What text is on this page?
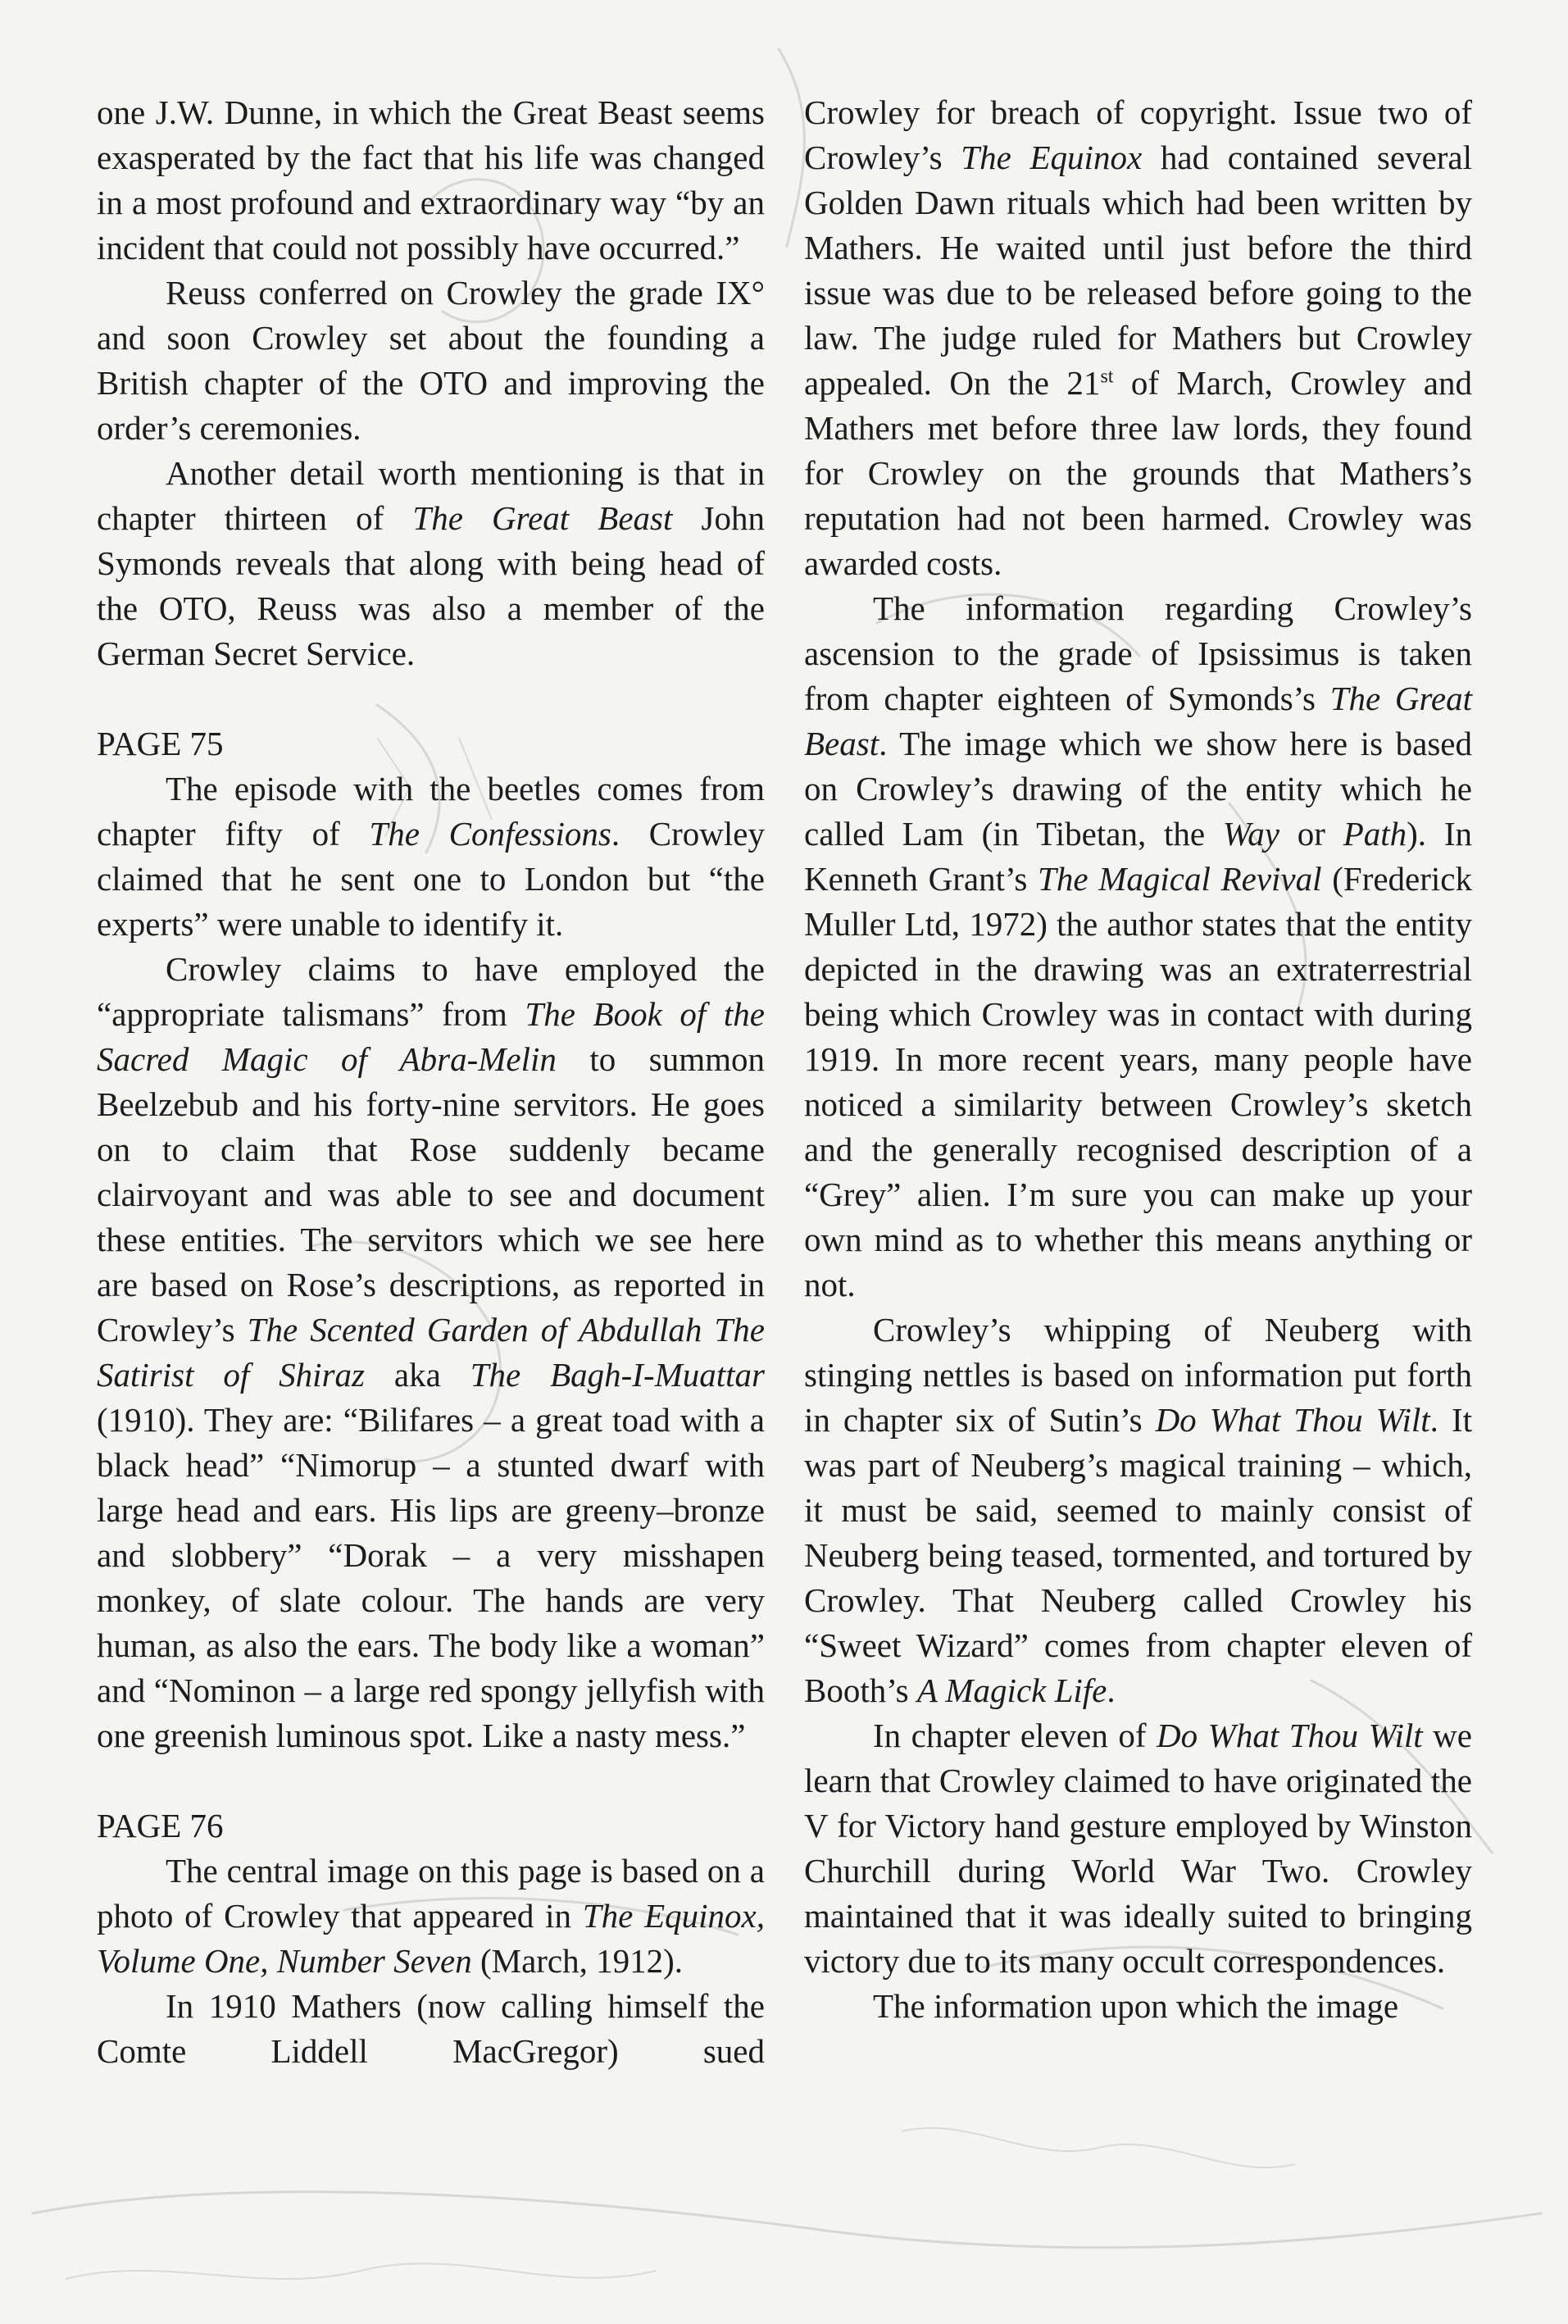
one J.W. Dunne, in which the Great Beast seems exasperated by the fact that his life was changed in a most profound and extraordinary way “by an incident that could not possibly have occurred.”

Reuss conferred on Crowley the grade IX° and soon Crowley set about the founding a British chapter of the OTO and improving the order’s ceremonies.

Another detail worth mentioning is that in chapter thirteen of The Great Beast John Symonds reveals that along with being head of the OTO, Reuss was also a member of the German Secret Service.

PAGE 75

The episode with the beetles comes from chapter fifty of The Confessions. Crowley claimed that he sent one to London but “the experts” were unable to identify it.

Crowley claims to have employed the “appropriate talismans” from The Book of the Sacred Magic of Abra-Melin to summon Beelzebub and his forty-nine servitors. He goes on to claim that Rose suddenly became clairvoyant and was able to see and document these entities. The servitors which we see here are based on Rose’s descriptions, as reported in Crowley’s The Scented Garden of Abdullah The Satirist of Shiraz aka The Bagh-I-Muattar (1910). They are: “Bilifares – a great toad with a black head” “Nimorup – a stunted dwarf with large head and ears. His lips are greeny–bronze and slobbery” “Dorak – a very misshapen monkey, of slate colour. The hands are very human, as also the ears. The body like a woman” and “Nominon – a large red spongy jellyfish with one greenish luminous spot. Like a nasty mess.”

PAGE 76

The central image on this page is based on a photo of Crowley that appeared in The Equinox, Volume One, Number Seven (March, 1912).

In 1910 Mathers (now calling himself the Comte Liddell MacGregor) sued

Crowley for breach of copyright. Issue two of Crowley’s The Equinox had contained several Golden Dawn rituals which had been written by Mathers. He waited until just before the third issue was due to be released before going to the law. The judge ruled for Mathers but Crowley appealed. On the 21st of March, Crowley and Mathers met before three law lords, they found for Crowley on the grounds that Mathers’s reputation had not been harmed. Crowley was awarded costs.

The information regarding Crowley’s ascension to the grade of Ipsissimus is taken from chapter eighteen of Symonds’s The Great Beast. The image which we show here is based on Crowley’s drawing of the entity which he called Lam (in Tibetan, the Way or Path). In Kenneth Grant’s The Magical Revival (Frederick Muller Ltd, 1972) the author states that the entity depicted in the drawing was an extraterrestrial being which Crowley was in contact with during 1919. In more recent years, many people have noticed a similarity between Crowley’s sketch and the generally recognised description of a “Grey” alien. I’m sure you can make up your own mind as to whether this means anything or not.

Crowley’s whipping of Neuberg with stinging nettles is based on information put forth in chapter six of Sutin’s Do What Thou Wilt. It was part of Neuberg’s magical training – which, it must be said, seemed to mainly consist of Neuberg being teased, tormented, and tortured by Crowley. That Neuberg called Crowley his “Sweet Wizard” comes from chapter eleven of Booth’s A Magick Life.

In chapter eleven of Do What Thou Wilt we learn that Crowley claimed to have originated the V for Victory hand gesture employed by Winston Churchill during World War Two. Crowley maintained that it was ideally suited to bringing victory due to its many occult correspondences.

The information upon which the image
